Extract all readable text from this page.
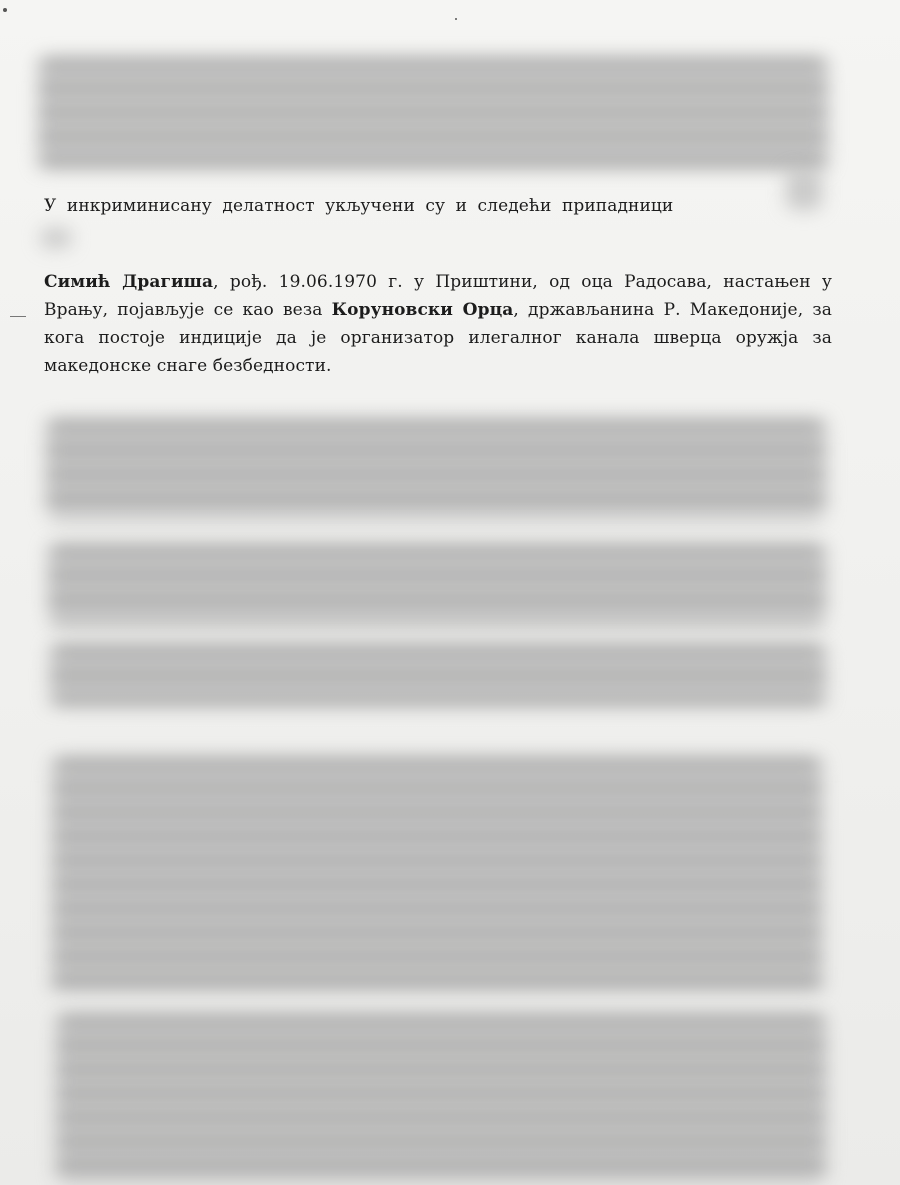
У инкриминисану делатност укључени су и следећи припадници
Симић Драгиша, рођ. 19.06.1970 г. у Приштини, од оца Радосава, настањен у Врању, појављује се као веза Коруновски Орца, држављанина Р. Македоније, за кога постоје индиције да је организатор илегалног канала шверца оружја за македонске снаге безбедности.
